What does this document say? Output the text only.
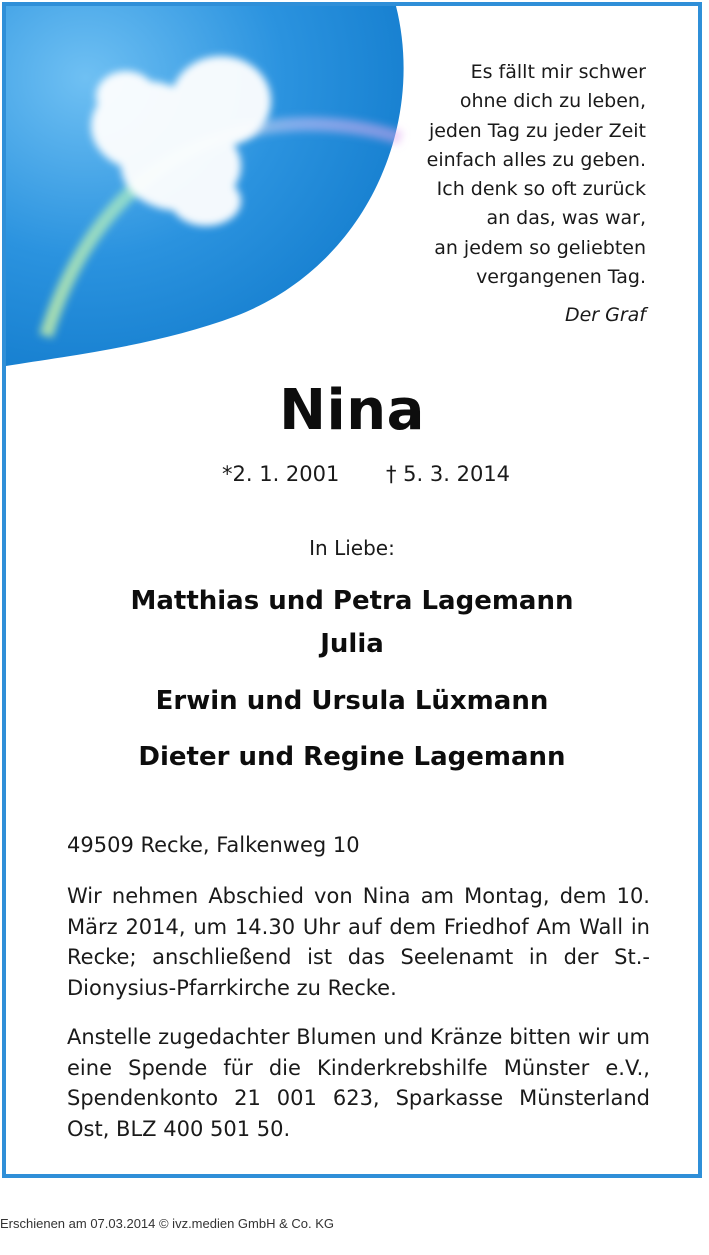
Es fällt mir schwer
ohne dich zu leben,
jeden Tag zu jeder Zeit
einfach alles zu geben.
Ich denk so oft zurück
an das, was war,
an jedem so geliebten
vergangenen Tag.
Der Graf
Nina
*2. 1. 2001 † 5. 3. 2014
In Liebe:
Matthias und Petra Lagemann
Julia
Erwin und Ursula Lüxmann
Dieter und Regine Lagemann
49509 Recke, Falkenweg 10
Wir nehmen Abschied von Nina am Montag, dem 10. März 2014, um 14.30 Uhr auf dem Friedhof Am Wall in Recke; anschließend ist das Seelenamt in der St.-Dionysius-Pfarrkirche zu Recke.
Anstelle zugedachter Blumen und Kränze bitten wir um eine Spende für die Kinderkrebshilfe Münster e.V., Spendenkonto 21 001 623, Sparkasse Münsterland Ost, BLZ 400 501 50.
Erschienen am 07.03.2014 © ivz.medien GmbH & Co. KG
